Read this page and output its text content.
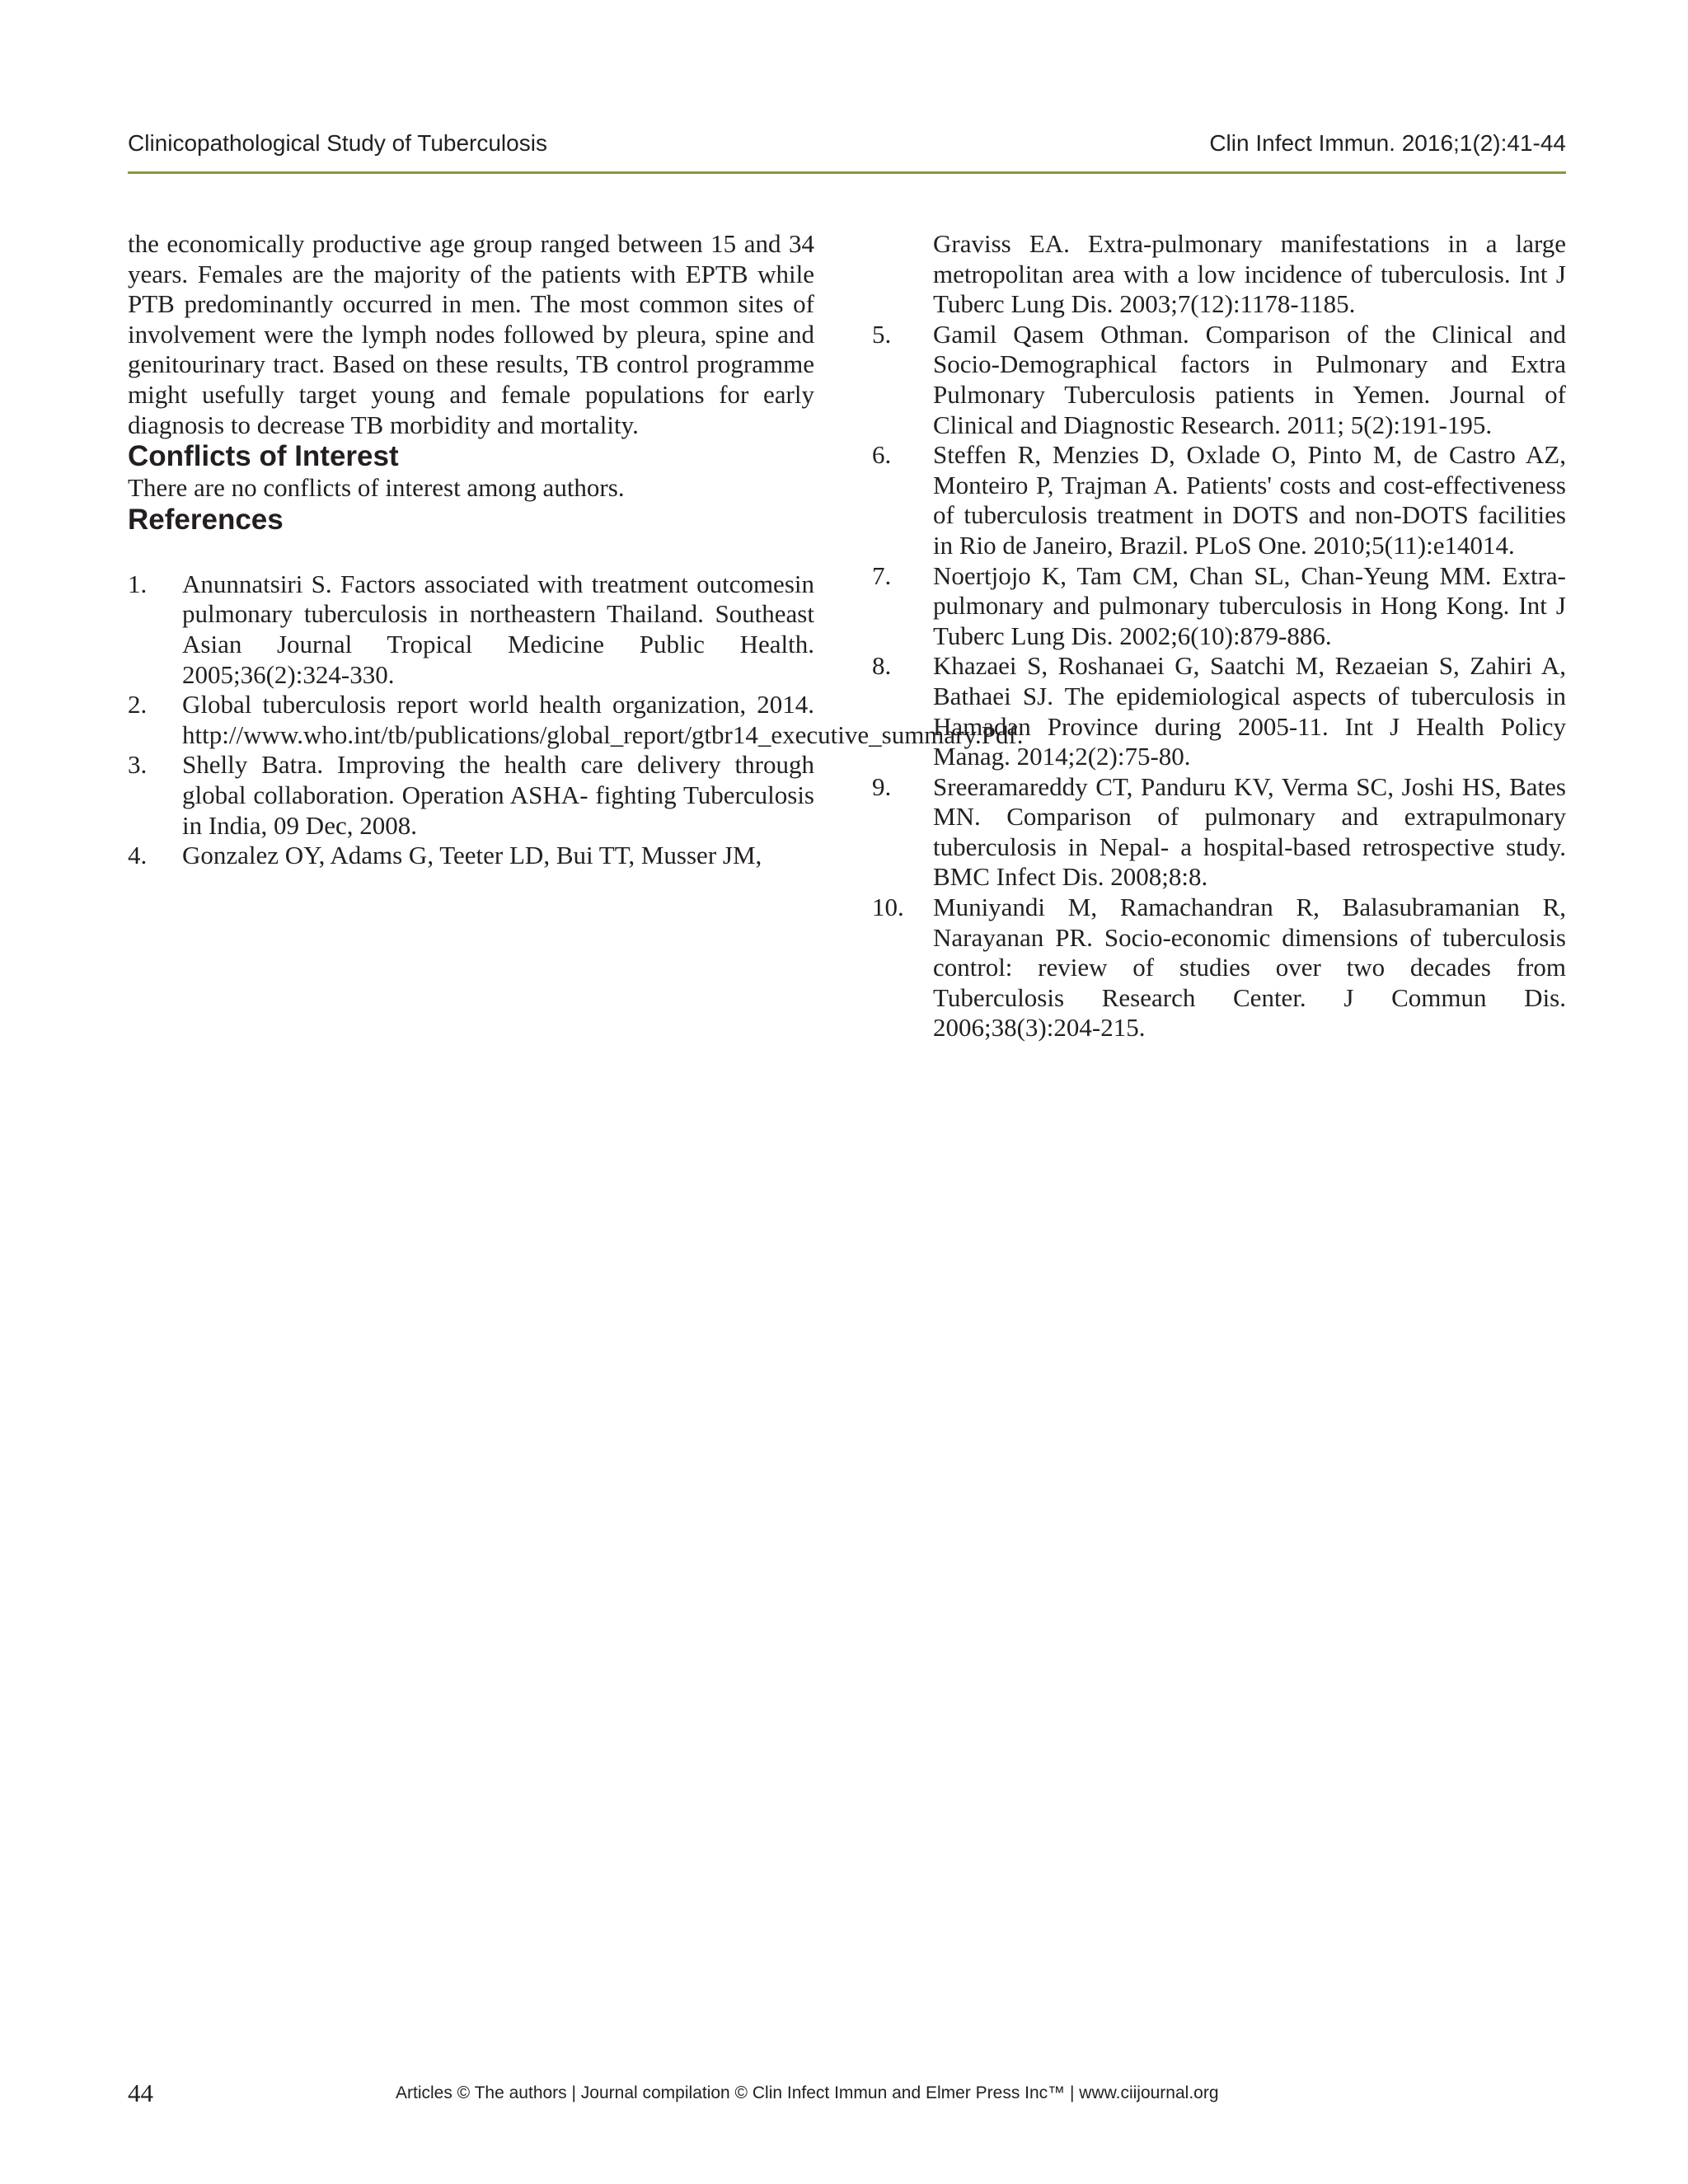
Clinicopathological Study of Tuberculosis	Clin Infect Immun. 2016;1(2):41-44

the economically productive age group ranged between 15 and 34 years. Females are the majority of the patients with EPTB while PTB predominantly occurred in men. The most common sites of involvement were the lymph nodes followed by pleura, spine and genitourinary tract. Based on these results, TB control programme might usefully target young and female populations for early diagnosis to decrease TB morbidity and mortality.

Conflicts of Interest

There are no conflicts of interest among authors.

References
1.	Anunnatsiri S. Factors associated with treatment outcomesin pulmonary tuberculosis in northeastern Thailand. Southeast Asian Journal Tropical Medicine Public Health. 2005;36(2):324-330.
2.	Global tuberculosis report world health organization, 2014. http://www.who.int/tb/publications/global_report/gtbr14_executive_summary.Pdf.
3.	Shelly Batra. Improving the health care delivery through global collaboration. Operation ASHA- fighting Tuberculosis in India, 09 Dec, 2008.
4.	Gonzalez OY, Adams G, Teeter LD, Bui TT, Musser JM,
Graviss EA. Extra-pulmonary manifestations in a large metropolitan area with a low incidence of tuberculosis. Int J Tuberc Lung Dis. 2003;7(12):1178-1185.
5.	Gamil Qasem Othman. Comparison of the Clinical and Socio-Demographical factors in Pulmonary and Extra Pulmonary Tuberculosis patients in Yemen. Journal of Clinical and Diagnostic Research. 2011; 5(2):191-195.
6.	Steffen R, Menzies D, Oxlade O, Pinto M, de Castro AZ, Monteiro P, Trajman A. Patients' costs and cost-effectiveness of tuberculosis treatment in DOTS and non-DOTS facilities in Rio de Janeiro, Brazil. PLoS One. 2010;5(11):e14014.
7.	Noertjojo K, Tam CM, Chan SL, Chan-Yeung MM. Extra-pulmonary and pulmonary tuberculosis in Hong Kong. Int J Tuberc Lung Dis. 2002;6(10):879-886.
8.	Khazaei S, Roshanaei G, Saatchi M, Rezaeian S, Zahiri A, Bathaei SJ. The epidemiological aspects of tuberculosis in Hamadan Province during 2005-11. Int J Health Policy Manag. 2014;2(2):75-80.
9.	Sreeramareddy CT, Panduru KV, Verma SC, Joshi HS, Bates MN. Comparison of pulmonary and extrapulmonary tuberculosis in Nepal- a hospital-based retrospective study. BMC Infect Dis. 2008;8:8.
10.	Muniyandi M, Ramachandran R, Balasubramanian R, Narayanan PR. Socio-economic dimensions of tuberculosis control: review of studies over two decades from Tuberculosis Research Center. J Commun Dis. 2006;38(3):204-215.
44	Articles © The authors | Journal compilation © Clin Infect Immun and Elmer Press Inc™ | www.ciijournal.org
